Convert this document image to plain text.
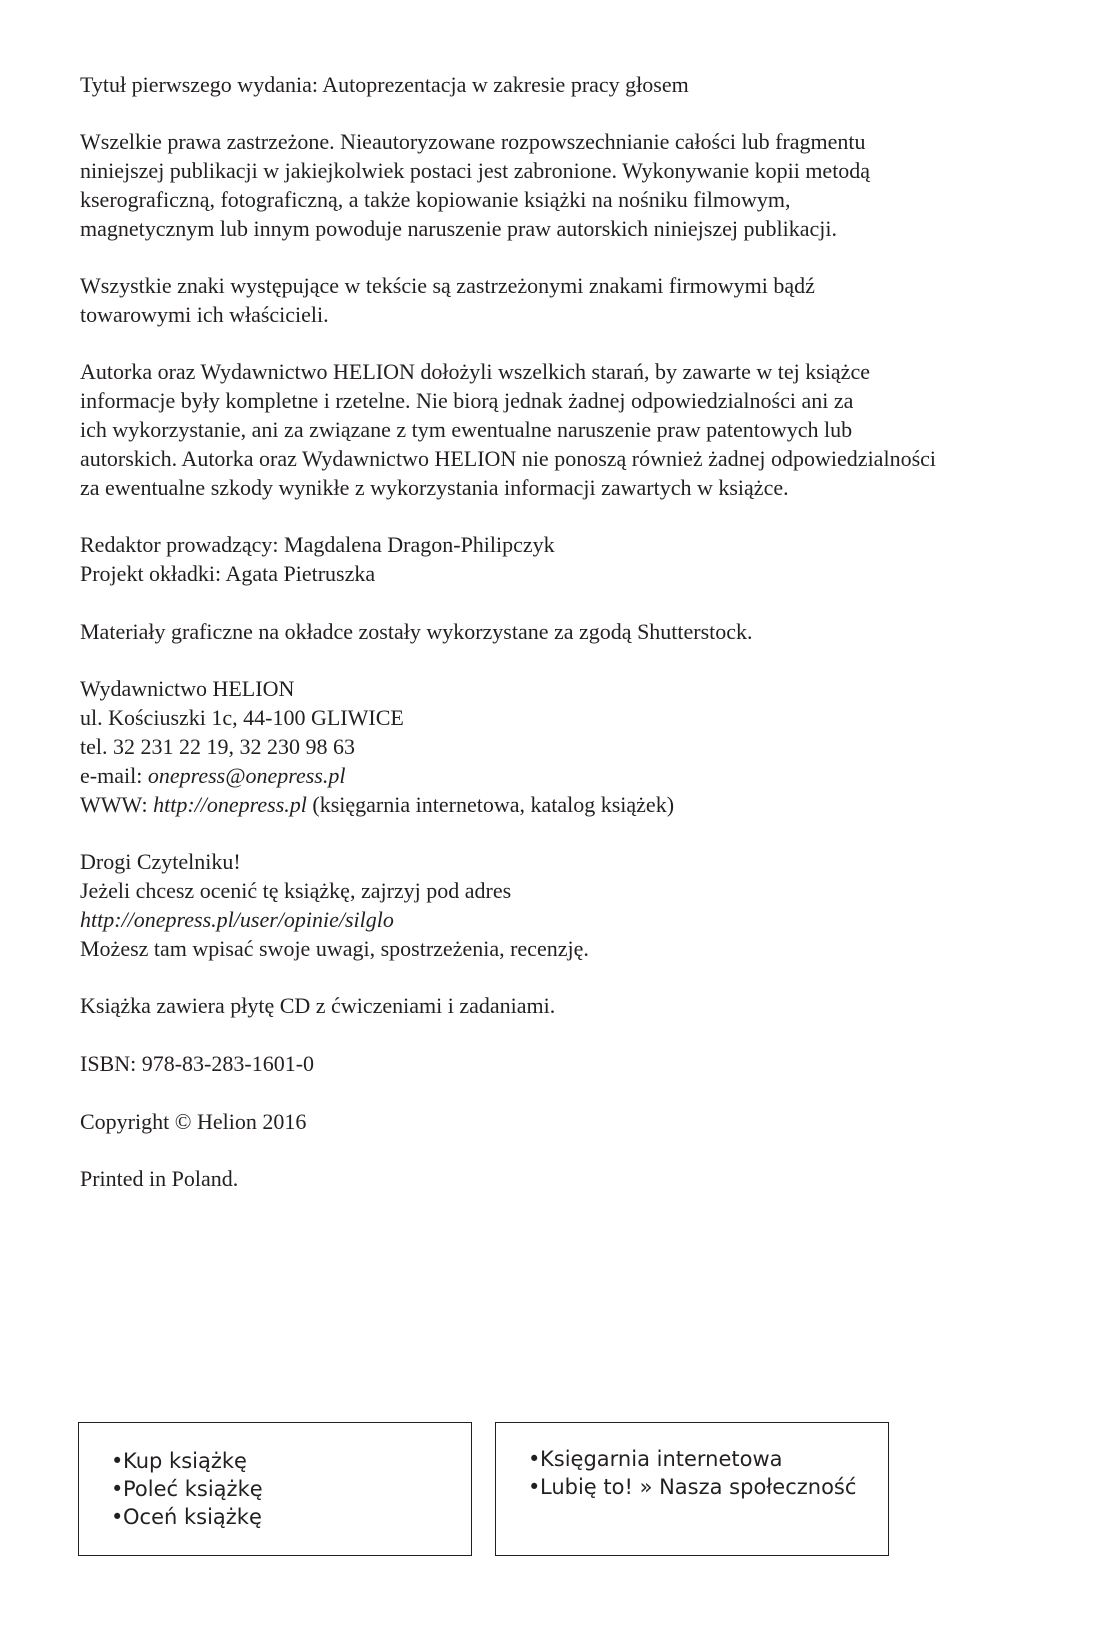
Tytuł pierwszego wydania: Autoprezentacja w zakresie pracy głosem

Wszelkie prawa zastrzeżone. Nieautoryzowane rozpowszechnianie całości lub fragmentu
niniejszej publikacji w jakiejkolwiek postaci jest zabronione. Wykonywanie kopii metodą
kserograficzną, fotograficzną, a także kopiowanie książki na nośniku filmowym,
magnetycznym lub innym powoduje naruszenie praw autorskich niniejszej publikacji.

Wszystkie znaki występujące w tekście są zastrzeżonymi znakami firmowymi bądź
towarowymi ich właścicieli.

Autorka oraz Wydawnictwo HELION dołożyli wszelkich starań, by zawarte w tej książce
informacje były kompletne i rzetelne. Nie biorą jednak żadnej odpowiedzialności ani za
ich wykorzystanie, ani za związane z tym ewentualne naruszenie praw patentowych lub
autorskich. Autorka oraz Wydawnictwo HELION nie ponoszą również żadnej odpowiedzialności
za ewentualne szkody wynikłe z wykorzystania informacji zawartych w książce.

Redaktor prowadzący: Magdalena Dragon-Philipczyk
Projekt okładki: Agata Pietruszka

Materiały graficzne na okładce zostały wykorzystane za zgodą Shutterstock.

Wydawnictwo HELION
ul. Kościuszki 1c, 44-100 GLIWICE
tel. 32 231 22 19, 32 230 98 63
e-mail: onepress@onepress.pl
WWW: http://onepress.pl (księgarnia internetowa, katalog książek)

Drogi Czytelniku!
Jeżeli chcesz ocenić tę książkę, zajrzyj pod adres
http://onepress.pl/user/opinie/silglo
Możesz tam wpisać swoje uwagi, spostrzeżenia, recenzję.

Książka zawiera płytę CD z ćwiczeniami i zadaniami.

ISBN: 978-83-283-1601-0

Copyright © Helion 2016

Printed in Poland.

•Kup książkę
•Poleć książkę
•Oceń książkę
•Księgarnia internetowa
•Lubię to! » Nasza społeczność
